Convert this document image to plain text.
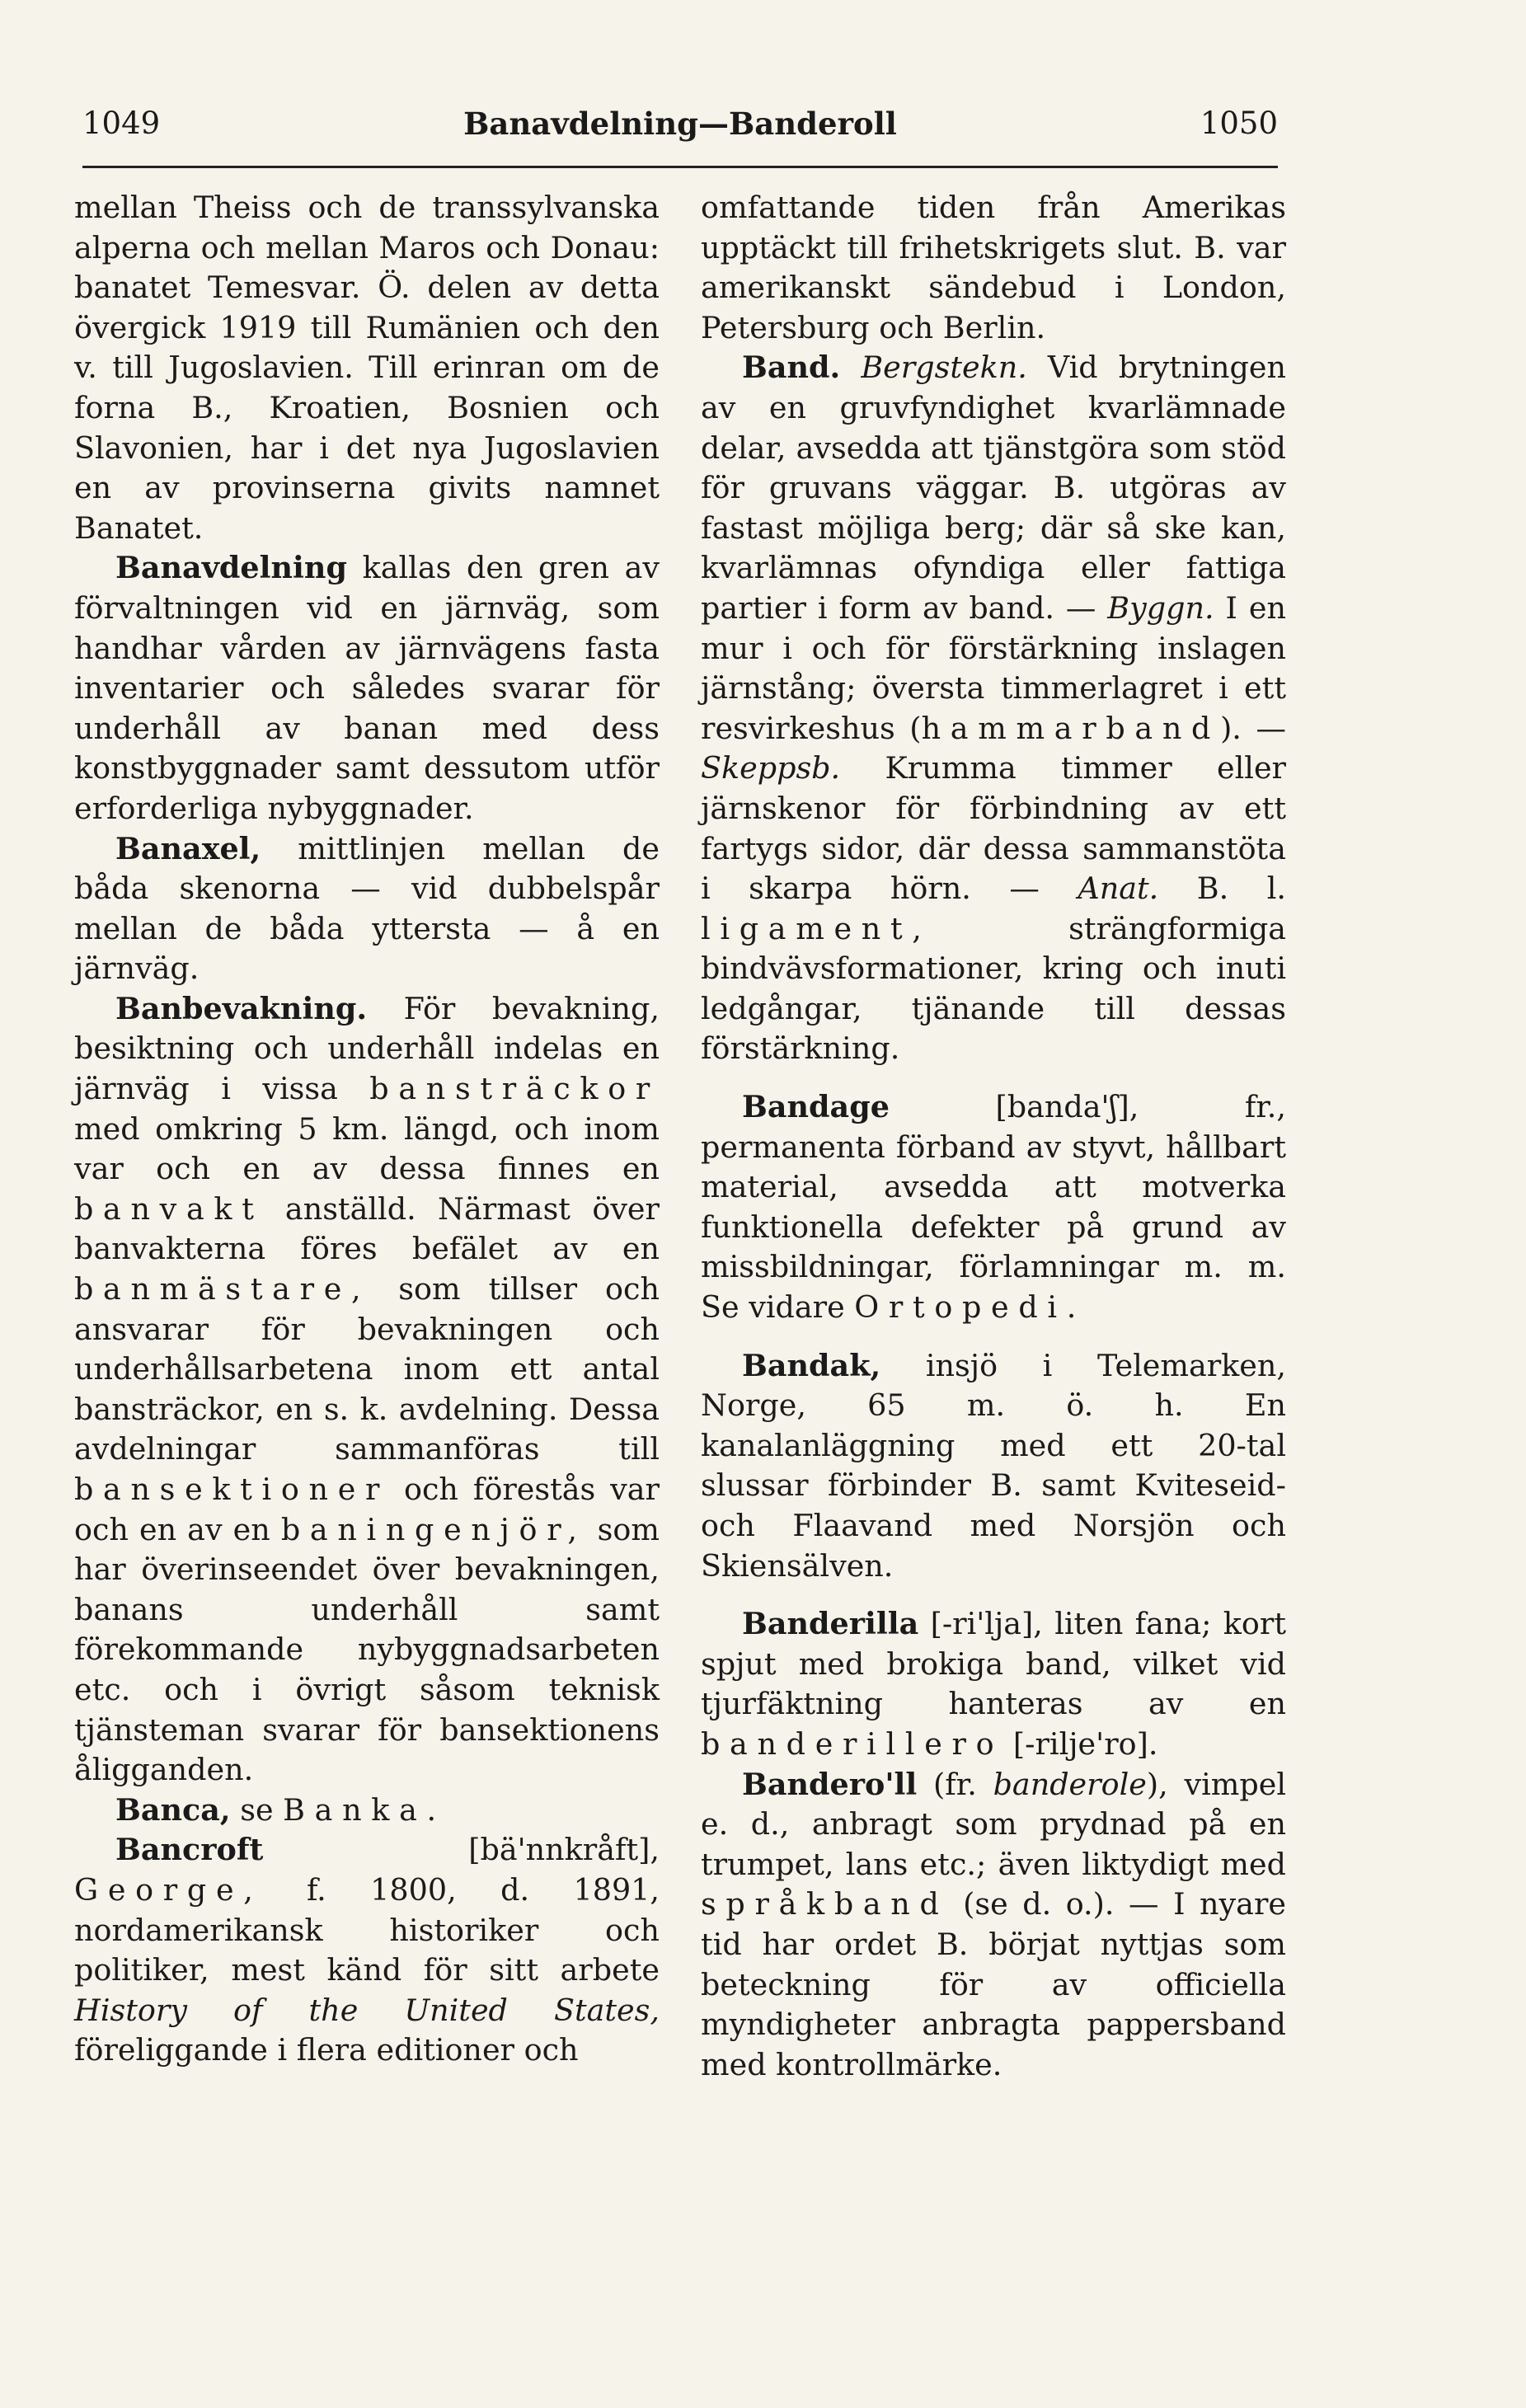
1049	Banavdelning—Banderoll	1050

mellan Theiss och de transsylvanska alperna och mellan Maros och Donau: banatet Temesvar. Ö. delen av detta övergick 1919 till Rumänien och den v. till Jugoslavien. Till erinran om de forna B., Kroatien, Bosnien och Slavonien, har i det nya Jugoslavien en av provinserna givits namnet Banatet.

Banavdelning kallas den gren av förvaltningen vid en järnväg, som handhar vården av järnvägens fasta inventarier och således svarar för underhåll av banan med dess konstbyggnader samt dessutom utför erforderliga nybyggnader.

Banaxel, mittlinjen mellan de båda skenorna — vid dubbelspår mellan de båda yttersta — å en järnväg.

Banbevakning. För bevakning, besiktning och underhåll indelas en järnväg i vissa bansträckor med omkring 5 km. längd, och inom var och en av dessa finnes en banvakt anställd. Närmast över banvakterna föres befälet av en banmästare, som tillser och ansvarar för bevakningen och underhållsarbetena inom ett antal bansträckor, en s. k. avdelning. Dessa avdelningar sammanföras till bansektioner och förestås var och en av en baningenjör, som har överinseendet över bevakningen, banans underhåll samt förekommande nybyggnadsarbeten etc. och i övrigt såsom teknisk tjänsteman svarar för bansektionens åligganden.

Banca, se Banka.

Bancroft [bä'nnkråft], George, f. 1800, d. 1891, nordamerikansk historiker och politiker, mest känd för sitt arbete History of the United States, föreliggande i flera editioner och

omfattande tiden från Amerikas upptäckt till frihetskrigets slut. B. var amerikanskt sändebud i London, Petersburg och Berlin.

Band. Bergstekn. Vid brytningen av en gruvfyndighet kvarlämnade delar, avsedda att tjänstgöra som stöd för gruvans väggar. B. utgöras av fastast möjliga berg; där så ske kan, kvarlämnas ofyndiga eller fattiga partier i form av band. — Byggn. I en mur i och för förstärkning inslagen järnstång; översta timmerlagret i ett resvirkeshus (hammarband). — Skeppsb. Krumma timmer eller järnskenor för förbindning av ett fartygs sidor, där dessa sammanstöta i skarpa hörn. — Anat. B. l. ligament, strängformiga bindvävsformationer, kring och inuti ledgångar, tjänande till dessas förstärkning.

Bandage [banda'ʃ], fr., permanenta förband av styvt, hållbart material, avsedda att motverka funktionella defekter på grund av missbildningar, förlamningar m. m. Se vidare Ortopedi.

Bandak, insjö i Telemarken, Norge, 65 m. ö. h. En kanalanläggning med ett 20-tal slussar förbinder B. samt Kviteseid- och Flaavand med Norsjön och Skiensälven.

Banderilla [-ri'lja], liten fana; kort spjut med brokiga band, vilket vid tjurfäktning hanteras av en banderillero [-rilje'ro].

Bandero'll (fr. banderole), vimpel e. d., anbragt som prydnad på en trumpet, lans etc.; även liktydigt med språkband (se d. o.). — I nyare tid har ordet B. börjat nyttjas som beteckning för av officiella myndigheter anbragta pappersband med kontrollmärke.
